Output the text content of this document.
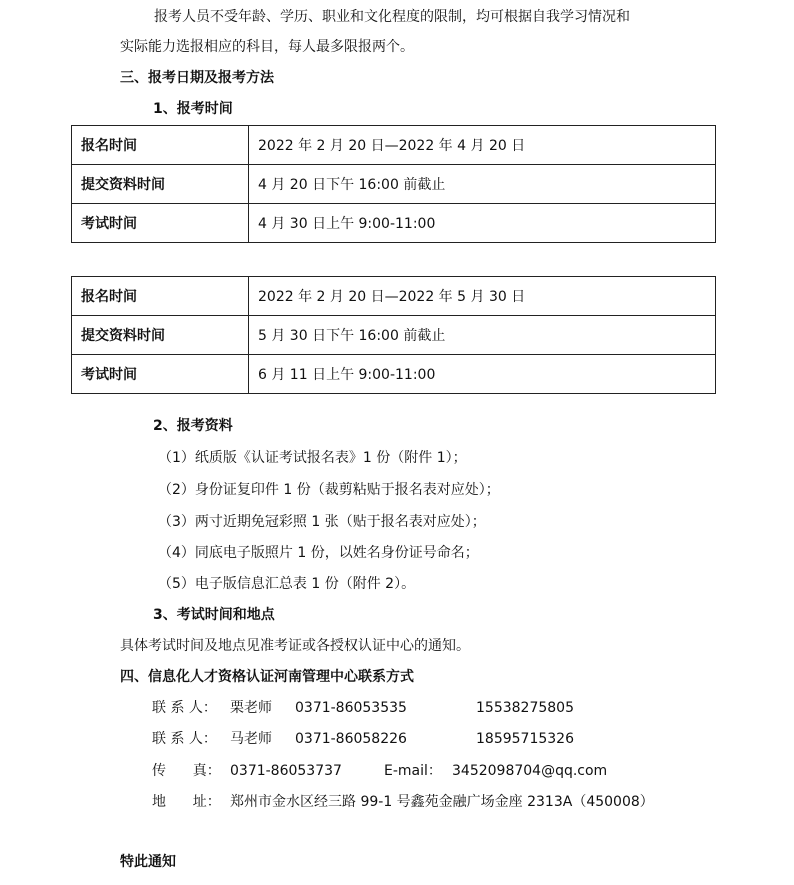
报考人员不受年龄、学历、职业和文化程度的限制，均可根据自我学习情况和
实际能力选报相应的科目，每人最多限报两个。
三、报考日期及报考方法
1、报考时间
报名时间	2022 年 2 月 20 日—2022 年 4 月 20 日
提交资料时间	4 月 20 日下午 16:00 前截止
考试时间	4 月 30 日上午 9:00-11:00
报名时间	2022 年 2 月 20 日—2022 年 5 月 30 日
提交资料时间	5 月 30 日下午 16:00 前截止
考试时间	6 月 11 日上午 9:00-11:00
2、报考资料
（1）纸质版《认证考试报名表》1 份（附件 1）；
（2）身份证复印件 1 份（裁剪粘贴于报名表对应处）；
（3）两寸近期免冠彩照 1 张（贴于报名表对应处）；
（4）同底电子版照片 1 份，以姓名身份证号命名；
（5）电子版信息汇总表 1 份（附件 2）。
3、考试时间和地点
具体考试时间及地点见准考证或各授权认证中心的通知。
四、信息化人才资格认证河南管理中心联系方式
联 系 人： 栗老师 0371-86053535	15538275805
联 系 人： 马老师 0371-86058226	18595715326
传      真： 0371-86053737	E-mail： 3452098704@qq.com
地      址： 郑州市金水区经三路 99-1 号鑫苑金融广场金座 2313A（450008）
特此通知
